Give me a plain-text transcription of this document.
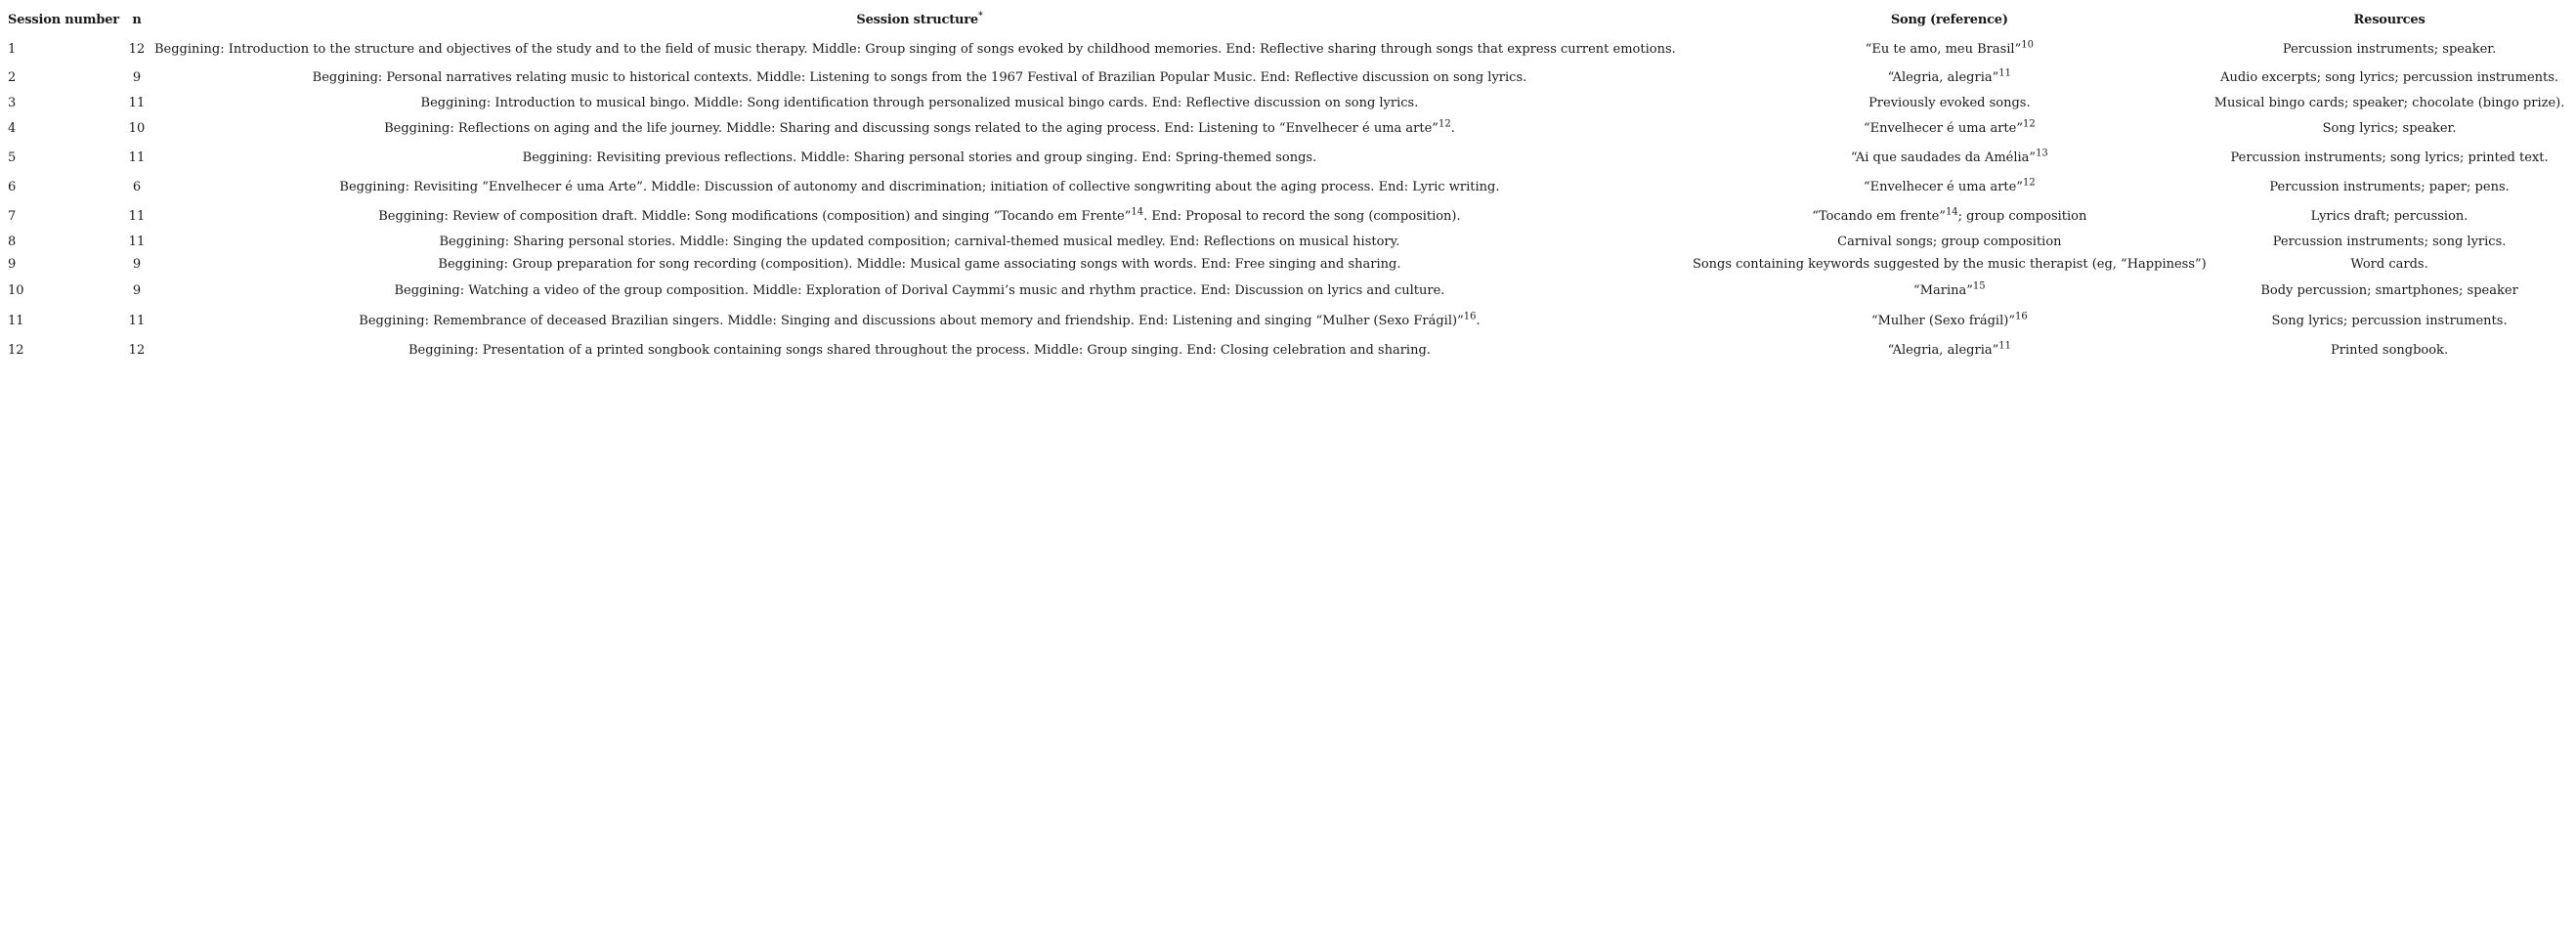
Session number	n	Session structure*	Song (reference)	Resources
1	12	Beggining: Introduction to the structure and objectives of the study and to the field of music therapy. Middle: Group singing of songs evoked by childhood memories. End: Reflective sharing through songs that express current emotions.	“Eu te amo, meu Brasil”$^{10}$	Percussion instruments; speaker.
2	9	Beggining: Personal narratives relating music to historical contexts. Middle: Listening to songs from the 1967 Festival of Brazilian Popular Music. End: Reflective discussion on song lyrics.	“Alegria, alegria”$^{11}$	Audio excerpts; song lyrics; percussion instruments.
3	11	Beggining: Introduction to musical bingo. Middle: Song identification through personalized musical bingo cards. End: Reflective discussion on song lyrics.	Previously evoked songs.	Musical bingo cards; speaker; chocolate (bingo prize).
4	10	Beggining: Reflections on aging and the life journey. Middle: Sharing and discussing songs related to the aging process. End: Listening to “Envelhecer é uma arte”$^{12}$.	“Envelhecer é uma arte”$^{12}$	Song lyrics; speaker.
5	11	Beggining: Revisiting previous reflections. Middle: Sharing personal stories and group singing. End: Spring-themed songs.	“Ai que saudades da Amélia”$^{13}$	Percussion instruments; song lyrics; printed text.
6	6	Beggining: Revisiting “Envelhecer é uma Arte”. Middle: Discussion of autonomy and discrimination; initiation of collective songwriting about the aging process. End: Lyric writing.	“Envelhecer é uma arte”$^{12}$	Percussion instruments; paper; pens.
7	11	Beggining: Review of composition draft. Middle: Song modifications (composition) and singing “Tocando em Frente”$^{14}$. End: Proposal to record the song (composition).	“Tocando em frente”$^{14}$; group composition	Lyrics draft; percussion.
8	11	Beggining: Sharing personal stories. Middle: Singing the updated composition; carnival-themed musical medley. End: Reflections on musical history.	Carnival songs; group composition	Percussion instruments; song lyrics.
9	9	Beggining: Group preparation for song recording (composition). Middle: Musical game associating songs with words. End: Free singing and sharing.	Songs containing keywords suggested by the music therapist (eg, “Happiness”)	Word cards.
10	9	Beggining: Watching a video of the group composition. Middle: Exploration of Dorival Caymmi’s music and rhythm practice. End: Discussion on lyrics and culture.	“Marina”$^{15}$	Body percussion; smartphones; speaker
11	11	Beggining: Remembrance of deceased Brazilian singers. Middle: Singing and discussions about memory and friendship. End: Listening and singing “Mulher (Sexo Frágil)”$^{16}$.	“Mulher (Sexo frágil)”$^{16}$	Song lyrics; percussion instruments.
12	12	Beggining: Presentation of a printed songbook containing songs shared throughout the process. Middle: Group singing. End: Closing celebration and sharing.	“Alegria, alegria”$^{11}$	Printed songbook.
